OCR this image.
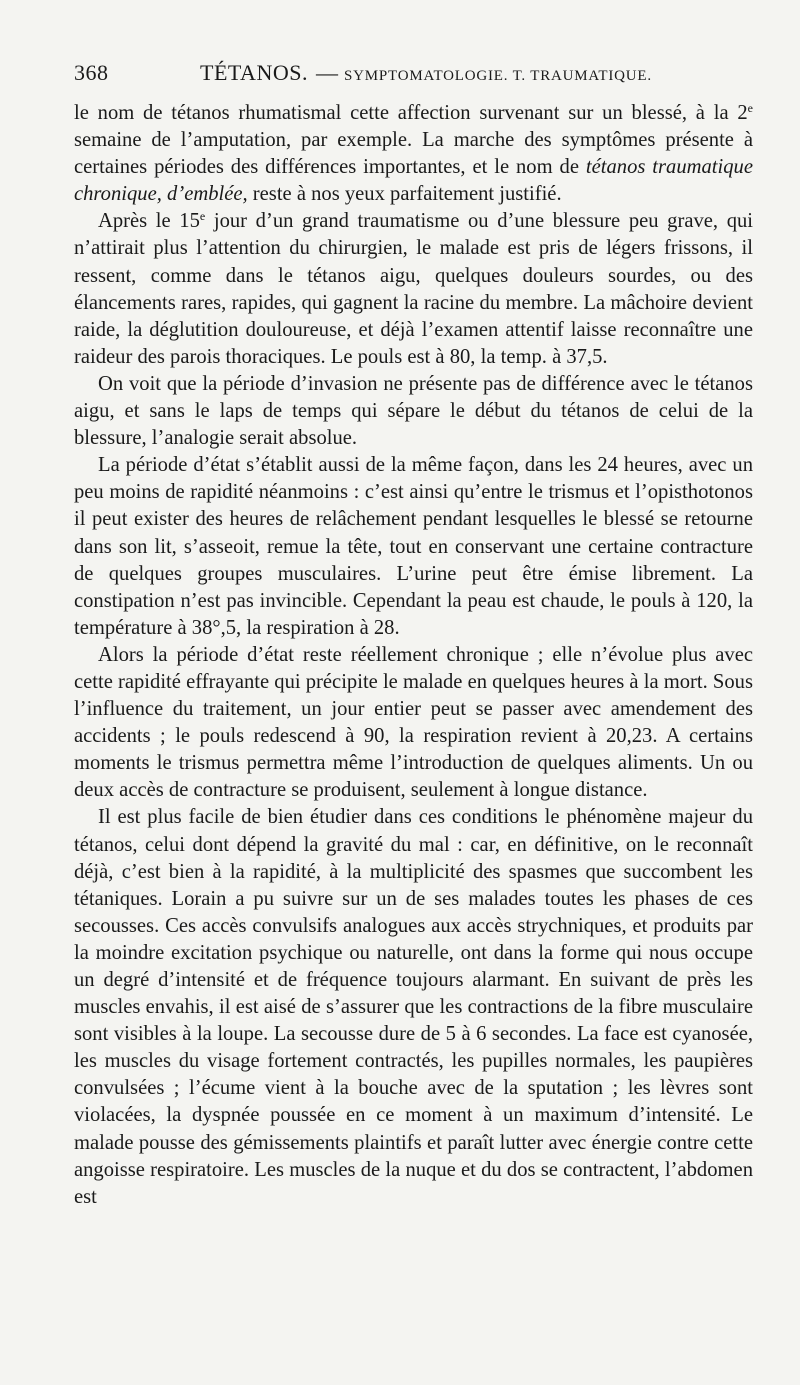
368	TÉTANOS. — SYMPTOMATOLOGIE. T. TRAUMATIQUE.

le nom de tétanos rhumatismal cette affection survenant sur un blessé, à la 2e semaine de l’amputation, par exemple. La marche des symptômes présente à certaines périodes des différences importantes, et le nom de tétanos traumatique chronique, d’emblée, reste à nos yeux parfaitement justifié.

Après le 15e jour d’un grand traumatisme ou d’une blessure peu grave, qui n’attirait plus l’attention du chirurgien, le malade est pris de légers frissons, il ressent, comme dans le tétanos aigu, quelques douleurs sourdes, ou des élancements rares, rapides, qui gagnent la racine du membre. La mâchoire devient raide, la déglutition douloureuse, et déjà l’examen attentif laisse reconnaître une raideur des parois thoraciques. Le pouls est à 80, la temp. à 37,5.

On voit que la période d’invasion ne présente pas de différence avec le tétanos aigu, et sans le laps de temps qui sépare le début du tétanos de celui de la blessure, l’analogie serait absolue.

La période d’état s’établit aussi de la même façon, dans les 24 heures, avec un peu moins de rapidité néanmoins : c’est ainsi qu’entre le trismus et l’opisthotonos il peut exister des heures de relâchement pendant lesquelles le blessé se retourne dans son lit, s’asseoit, remue la tête, tout en conservant une certaine contracture de quelques groupes musculaires. L’urine peut être émise librement. La constipation n’est pas invincible. Cependant la peau est chaude, le pouls à 120, la température à 38°,5, la respiration à 28.

Alors la période d’état reste réellement chronique ; elle n’évolue plus avec cette rapidité effrayante qui précipite le malade en quelques heures à la mort. Sous l’influence du traitement, un jour entier peut se passer avec amendement des accidents ; le pouls redescend à 90, la respiration revient à 20,23. A certains moments le trismus permettra même l’introduction de quelques aliments. Un ou deux accès de contracture se produisent, seulement à longue distance.

Il est plus facile de bien étudier dans ces conditions le phénomène majeur du tétanos, celui dont dépend la gravité du mal : car, en définitive, on le reconnaît déjà, c’est bien à la rapidité, à la multiplicité des spasmes que succombent les tétaniques. Lorain a pu suivre sur un de ses malades toutes les phases de ces secousses. Ces accès convulsifs analogues aux accès strychniques, et produits par la moindre excitation psychique ou naturelle, ont dans la forme qui nous occupe un degré d’intensité et de fréquence toujours alarmant. En suivant de près les muscles envahis, il est aisé de s’assurer que les contractions de la fibre musculaire sont visibles à la loupe. La secousse dure de 5 à 6 secondes. La face est cyanosée, les muscles du visage fortement contractés, les pupilles normales, les paupières convulsées ; l’écume vient à la bouche avec de la sputation ; les lèvres sont violacées, la dyspnée poussée en ce moment à un maximum d’intensité. Le malade pousse des gémissements plaintifs et paraît lutter avec énergie contre cette angoisse respiratoire. Les muscles de la nuque et du dos se contractent, l’abdomen est
